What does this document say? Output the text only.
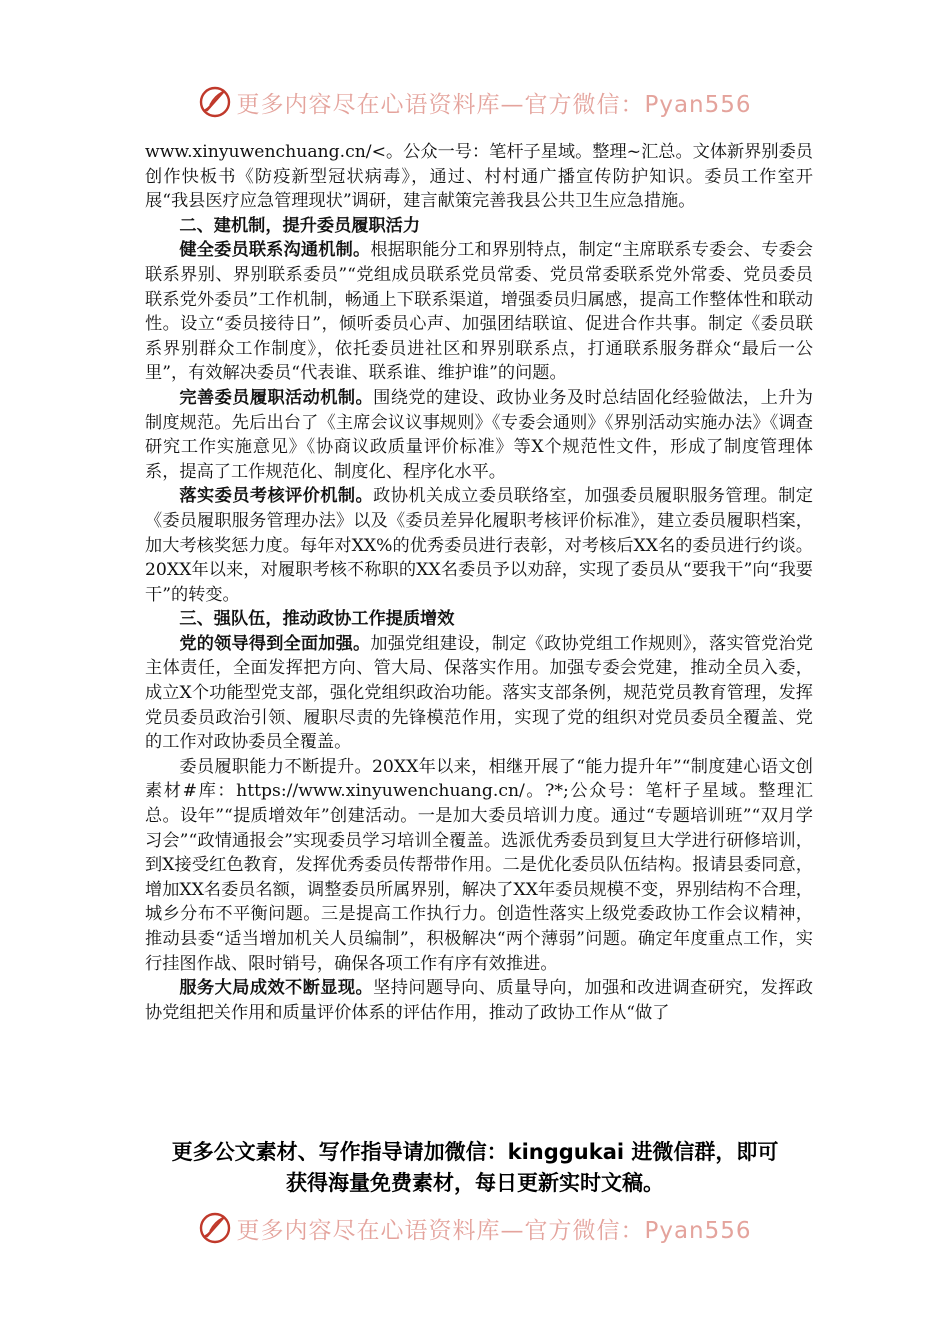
更多内容尽在心语资料库—官方微信：Pyan556

www.xinyuwenchuang.cn/<。公众一号：笔杆子星域。整理~汇总。文体新界别委员创作快板书《防疫新型冠状病毒》，通过、村村通广播宣传防护知识。委员工作室开展“我县医疗应急管理现状”调研，建言献策完善我县公共卫生应急措施。

二、建机制，提升委员履职活力

健全委员联系沟通机制。根据职能分工和界别特点，制定“主席联系专委会、专委会联系界别、界别联系委员”“党组成员联系党员常委、党员常委联系党外常委、党员委员联系党外委员”工作机制，畅通上下联系渠道，增强委员归属感，提高工作整体性和联动性。设立“委员接待日”，倾听委员心声、加强团结联谊、促进合作共事。制定《委员联系界别群众工作制度》，依托委员进社区和界别联系点，打通联系服务群众“最后一公里”，有效解决委员“代表谁、联系谁、维护谁”的问题。

完善委员履职活动机制。围绕党的建设、政协业务及时总结固化经验做法，上升为制度规范。先后出台了《主席会议议事规则》《专委会通则》《界别活动实施办法》《调查研究工作实施意见》《协商议政质量评价标准》等X个规范性文件，形成了制度管理体系，提高了工作规范化、制度化、程序化水平。

落实委员考核评价机制。政协机关成立委员联络室，加强委员履职服务管理。制定《委员履职服务管理办法》以及《委员差异化履职考核评价标准》，建立委员履职档案，加大考核奖惩力度。每年对XX%的优秀委员进行表彰，对考核后XX名的委员进行约谈。20XX年以来，对履职考核不称职的XX名委员予以劝辞，实现了委员从“要我干”向“我要干”的转变。

三、强队伍，推动政协工作提质增效

党的领导得到全面加强。加强党组建设，制定《政协党组工作规则》，落实管党治党主体责任，全面发挥把方向、管大局、保落实作用。加强专委会党建，推动全员入委，成立X个功能型党支部，强化党组织政治功能。落实支部条例，规范党员教育管理，发挥党员委员政治引领、履职尽责的先锋模范作用，实现了党的组织对党员委员全覆盖、党的工作对政协委员全覆盖。

委员履职能力不断提升。20XX年以来，相继开展了“能力提升年”“制度建心语文创素材#库：https://www.xinyuwenchuang.cn/。?*;公众号：笔杆子星域。整理汇总。设年”“提质增效年”创建活动。一是加大委员培训力度。通过“专题培训班”“双月学习会”“政情通报会”实现委员学习培训全覆盖。选派优秀委员到复旦大学进行研修培训，到X接受红色教育，发挥优秀委员传帮带作用。二是优化委员队伍结构。报请县委同意，增加XX名委员名额，调整委员所属界别，解决了XX年委员规模不变，界别结构不合理，城乡分布不平衡问题。三是提高工作执行力。创造性落实上级党委政协工作会议精神，推动县委“适当增加机关人员编制”，积极解决“两个薄弱”问题。确定年度重点工作，实行挂图作战、限时销号，确保各项工作有序有效推进。

服务大局成效不断显现。坚持问题导向、质量导向，加强和改进调查研究，发挥政协党组把关作用和质量评价体系的评估作用，推动了政协工作从“做了

更多公文素材、写作指导请加微信：kinggukai 进微信群，即可
获得海量免费素材，每日更新实时文稿。
更多内容尽在心语资料库—官方微信：Pyan556
